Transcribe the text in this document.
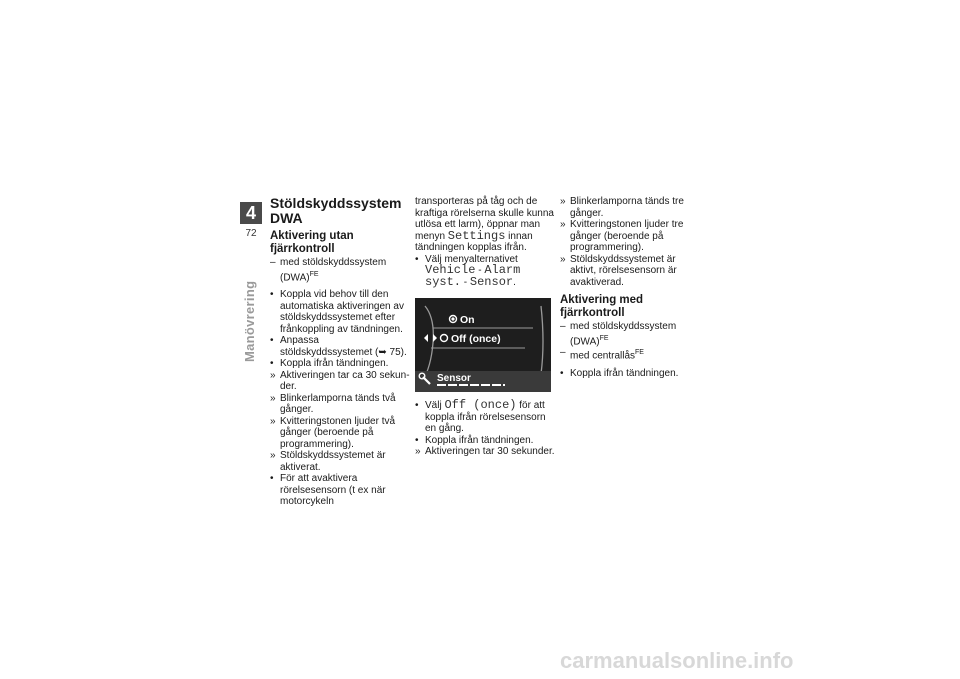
4
72
Manövrering
Stöldskyddssystem DWA
Aktivering utan fjärrkontroll
– med stöldskyddssystem (DWA)$^{FE}$
• Koppla vid behov till den automatiska aktiveringen av stöldskyddssystemet efter frånkoppling av tändningen.
• Anpassa stöldskyddssystemet (➥ 75).
• Koppla ifrån tändningen.
» Aktiveringen tar ca 30 sekunder.
» Blinkerlamporna tänds två gånger.
» Kvitteringstonen ljuder två gånger (beroende på programmering).
» Stöldskyddssystemet är aktiverat.
• För att avaktivera rörelsesensorn (t ex när motorcykeln

transporteras på tåg och de kraftiga rörelserna skulle kunna utlösa ett larm), öppnar man menyn Settings innan tändningen kopplas ifrån.

• Välj menyalternativet Vehicle - Alarm syst. - Sensor.
On
Off (once)
Sensor
• Välj Off (once) för att koppla ifrån rörelsesensorn en gång.
• Koppla ifrån tändningen.
» Aktiveringen tar 30 sekunder.
» Blinkerlamporna tänds tre gånger.
» Kvitteringstonen ljuder tre gånger (beroende på programmering).
» Stöldskyddssystemet är aktivt, rörelsesensorn är avaktiverad.
Aktivering med fjärrkontroll
– med stöldskyddssystem (DWA)$^{FE}$
– med centrallås$^{FE}$
• Koppla ifrån tändningen.
carmanualsonline.info
